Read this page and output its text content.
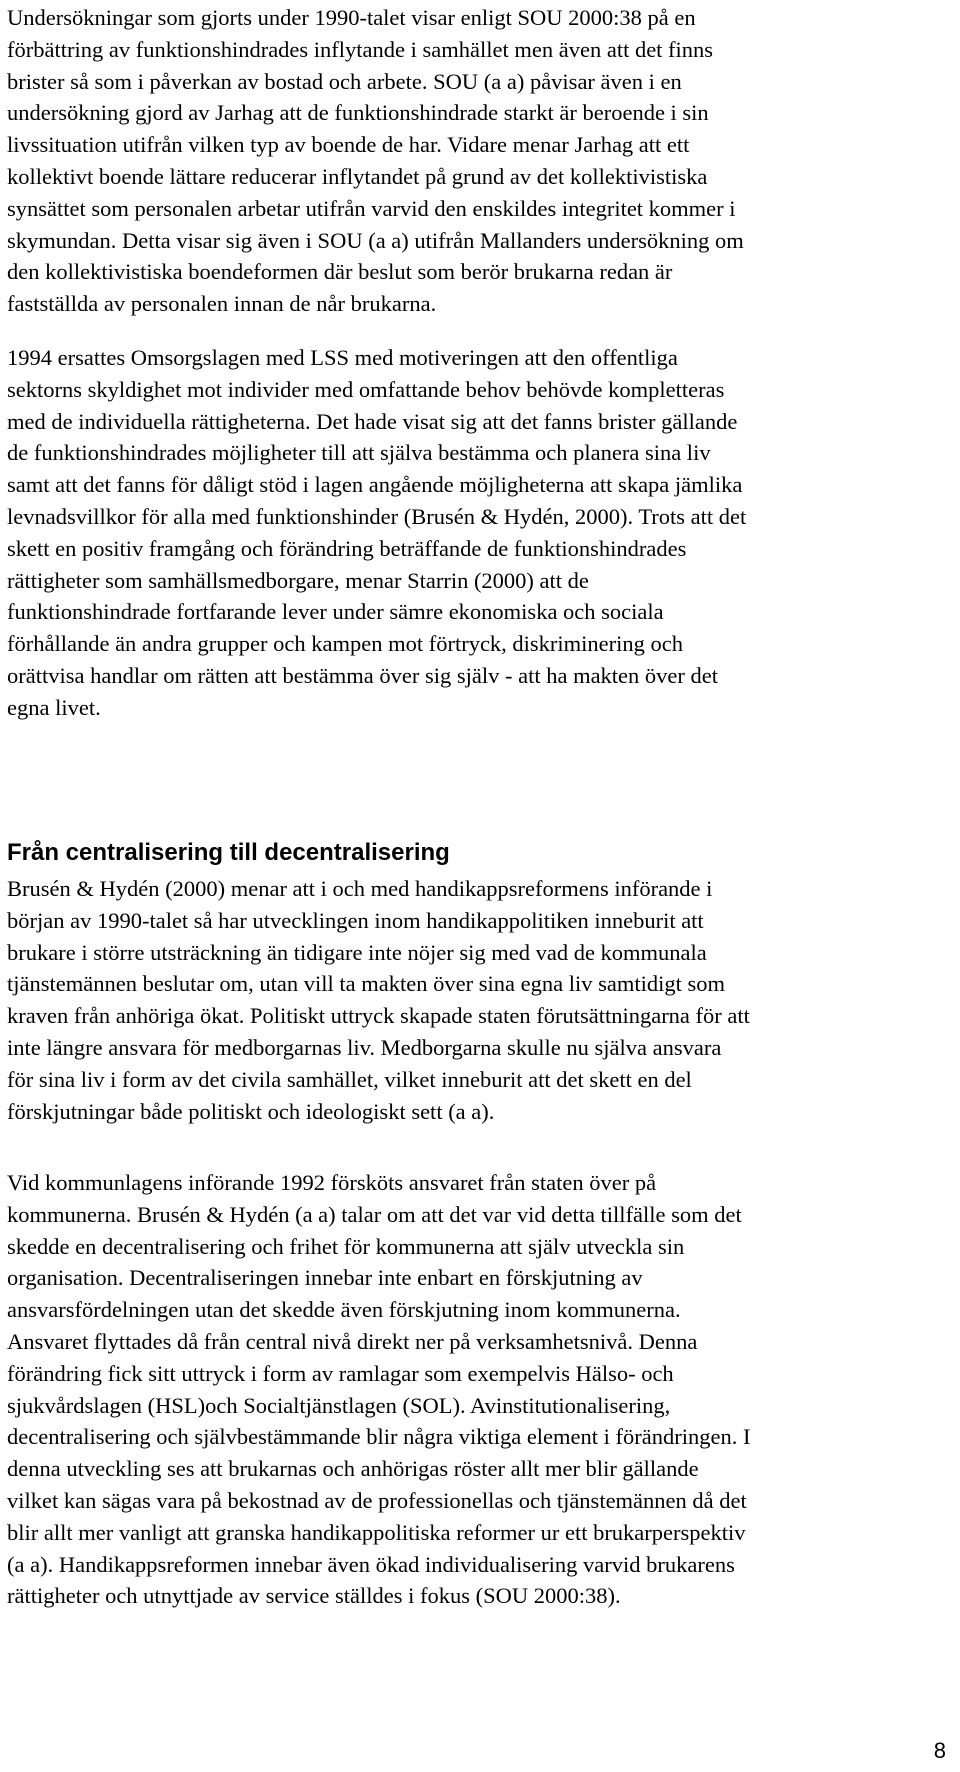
Undersökningar som gjorts under 1990-talet visar enligt SOU 2000:38 på en
förbättring av funktionshindrades inflytande i samhället men även att det finns
brister så som i påverkan av bostad och arbete. SOU (a a) påvisar även i en
undersökning gjord av Jarhag att de funktionshindrade starkt är beroende i sin
livssituation utifrån vilken typ av boende de har. Vidare menar Jarhag att ett
kollektivt boende lättare reducerar inflytandet på grund av det kollektivistiska
synsättet som personalen arbetar utifrån varvid den enskildes integritet kommer i
skymundan. Detta visar sig även i SOU (a a) utifrån Mallanders undersökning om
den kollektivistiska boendeformen där beslut som berör brukarna redan är
fastställda av personalen innan de når brukarna.
1994 ersattes Omsorgslagen med LSS med motiveringen att den offentliga
sektorns skyldighet mot individer med omfattande behov behövde kompletteras
med de individuella rättigheterna. Det hade visat sig att det fanns brister gällande
de funktionshindrades möjligheter till att själva bestämma och planera sina liv
samt att det fanns för dåligt stöd i lagen angående möjligheterna att skapa jämlika
levnadsvillkor för alla med funktionshinder (Brusén & Hydén, 2000). Trots att det
skett en positiv framgång och förändring beträffande de funktionshindrades
rättigheter som samhällsmedborgare, menar Starrin (2000) att de
funktionshindrade fortfarande lever under sämre ekonomiska och sociala
förhållande än andra grupper och kampen mot förtryck, diskriminering och
orättvisa handlar om rätten att bestämma över sig själv - att ha makten över det
egna livet.
Från centralisering till decentralisering
Brusén & Hydén (2000) menar att i och med handikappsreformens införande i
början av 1990-talet så har utvecklingen inom handikappolitiken inneburit att
brukare i större utsträckning än tidigare inte nöjer sig med vad de kommunala
tjänstemännen beslutar om, utan vill ta makten över sina egna liv samtidigt som
kraven från anhöriga ökat. Politiskt uttryck skapade staten förutsättningarna för att
inte längre ansvara för medborgarnas liv. Medborgarna skulle nu själva ansvara
för sina liv i form av det civila samhället, vilket inneburit att det skett en del
förskjutningar både politiskt och ideologiskt sett (a a).
Vid kommunlagens införande 1992 försköts ansvaret från staten över på
kommunerna. Brusén & Hydén (a a) talar om att det var vid detta tillfälle som det
skedde en decentralisering och frihet för kommunerna att själv utveckla sin
organisation. Decentraliseringen innebar inte enbart en förskjutning av
ansvarsfördelningen utan det skedde även förskjutning inom kommunerna.
Ansvaret flyttades då från central nivå direkt ner på verksamhetsnivå. Denna
förändring fick sitt uttryck i form av ramlagar som exempelvis Hälso- och
sjukvårdslagen (HSL)och Socialtjänstlagen (SOL). Avinstitutionalisering,
decentralisering och självbestämmande blir några viktiga element i förändringen. I
denna utveckling ses att brukarnas och anhörigas röster allt mer blir gällande
vilket kan sägas vara på bekostnad av de professionellas och tjänstemännen då det
blir allt mer vanligt att granska handikappolitiska reformer ur ett brukarperspektiv
(a a). Handikappsreformen innebar även ökad individualisering varvid brukarens
rättigheter och utnyttjade av service ställdes i fokus (SOU 2000:38).
8
